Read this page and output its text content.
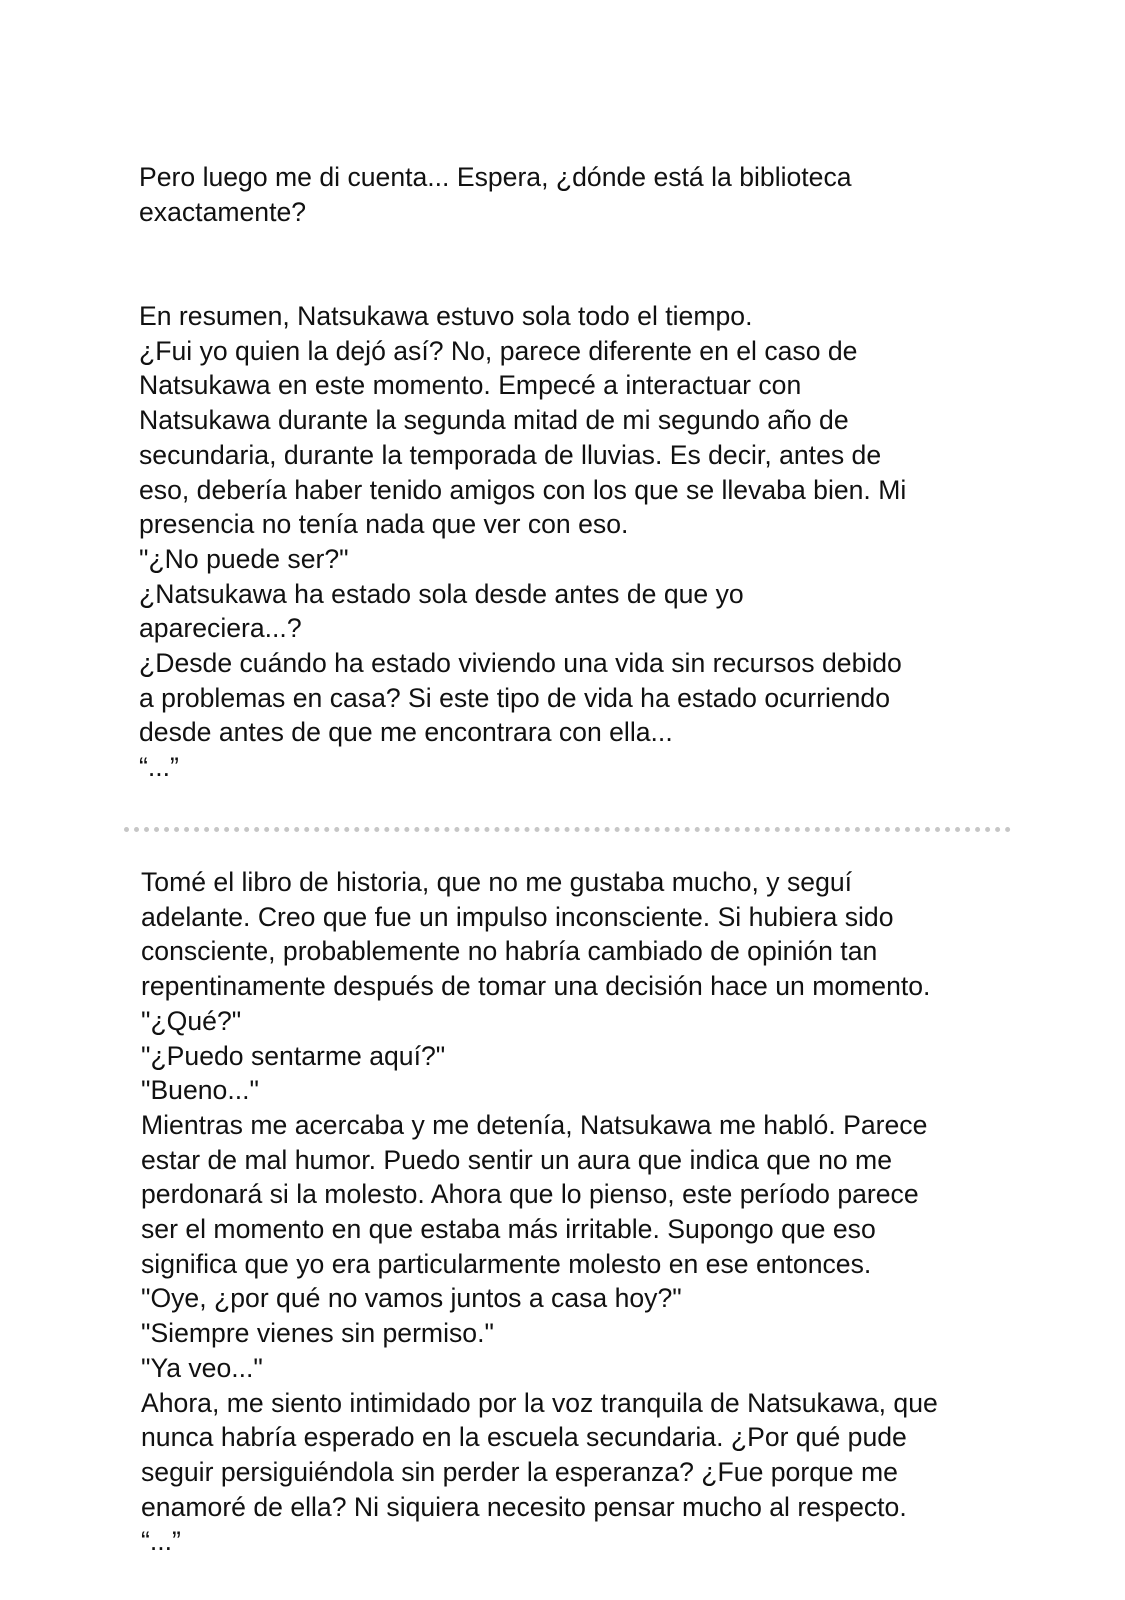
Pero luego me di cuenta... Espera, ¿dónde está la biblioteca
exactamente?

En resumen, Natsukawa estuvo sola todo el tiempo.

¿Fui yo quien la dejó así? No, parece diferente en el caso de
Natsukawa en este momento. Empecé a interactuar con
Natsukawa durante la segunda mitad de mi segundo año de
secundaria, durante la temporada de lluvias. Es decir, antes de
eso, debería haber tenido amigos con los que se llevaba bien. Mi
presencia no tenía nada que ver con eso.

"¿No puede ser?"

¿Natsukawa ha estado sola desde antes de que yo
apareciera...?

¿Desde cuándo ha estado viviendo una vida sin recursos debido
a problemas en casa? Si este tipo de vida ha estado ocurriendo
desde antes de que me encontrara con ella...

“...”

Tomé el libro de historia, que no me gustaba mucho, y seguí
adelante. Creo que fue un impulso inconsciente. Si hubiera sido
consciente, probablemente no habría cambiado de opinión tan
repentinamente después de tomar una decisión hace un momento.

"¿Qué?"

"¿Puedo sentarme aquí?"

"Bueno..."

Mientras me acercaba y me detenía, Natsukawa me habló. Parece
estar de mal humor. Puedo sentir un aura que indica que no me
perdonará si la molesto. Ahora que lo pienso, este período parece
ser el momento en que estaba más irritable. Supongo que eso
significa que yo era particularmente molesto en ese entonces.

"Oye, ¿por qué no vamos juntos a casa hoy?"

"Siempre vienes sin permiso."

"Ya veo..."

Ahora, me siento intimidado por la voz tranquila de Natsukawa, que
nunca habría esperado en la escuela secundaria. ¿Por qué pude
seguir persiguiéndola sin perder la esperanza? ¿Fue porque me
enamoré de ella? Ni siquiera necesito pensar mucho al respecto.

“...”
